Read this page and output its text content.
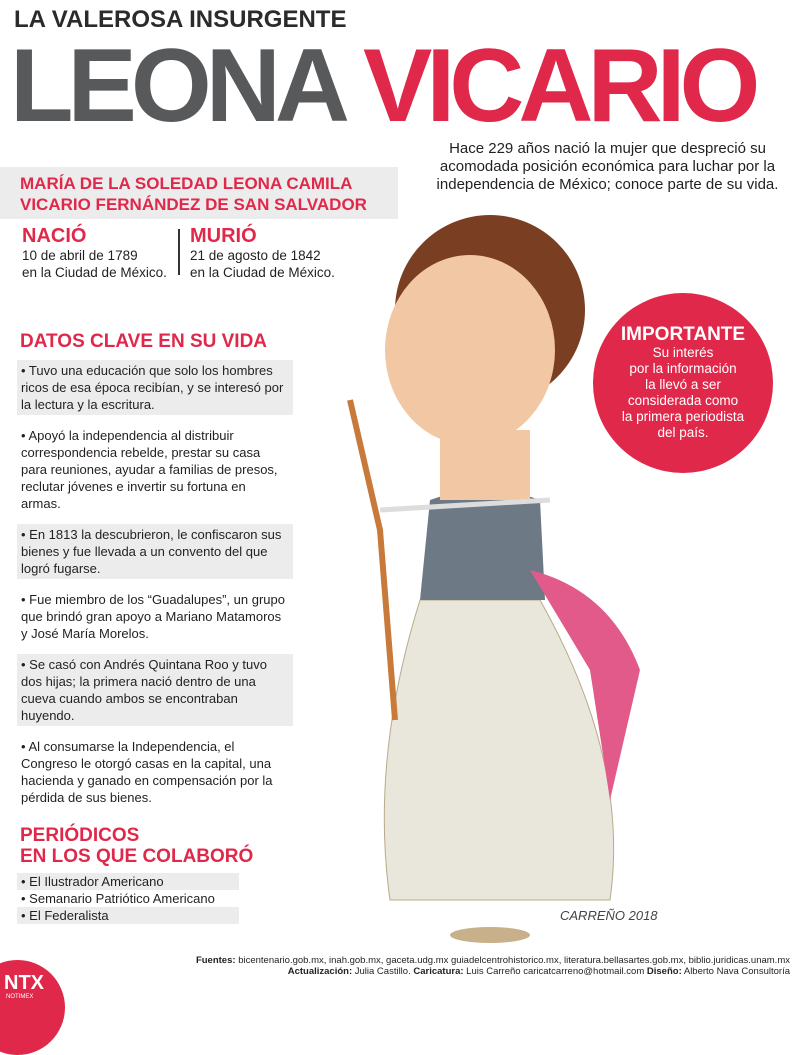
LA VALEROSA INSURGENTE
LEONA VICARIO
Hace 229 años nació la mujer que despreció su acomodada posición económica para luchar por la independencia de México; conoce parte de su vida.
MARÍA DE LA SOLEDAD LEONA CAMILA
VICARIO FERNÁNDEZ DE SAN SALVADOR
NACIÓ

10 de abril de 1789

en la Ciudad de México.

MURIÓ

21 de agosto de 1842

en la Ciudad de México.

DATOS CLAVE EN SU VIDA
• Tuvo una educación que solo los hombres ricos de esa época recibían, y se interesó por la lectura y la escritura.
• Apoyó la independencia al distribuir correspondencia rebelde, prestar su casa para reuniones, ayudar a familias de presos, reclutar jóvenes e invertir su fortuna en armas.
• En 1813 la descubrieron, le confiscaron sus bienes y fue llevada a un convento del que logró fugarse.
• Fue miembro de los “Guadalupes”, un grupo que brindó gran apoyo a Mariano Matamoros y José María Morelos.
• Se casó con Andrés Quintana Roo y tuvo dos hijas; la primera nació dentro de una cueva cuando ambos se encontraban huyendo.
• Al consumarse la Independencia, el Congreso le otorgó casas en la capital, una hacienda y ganado en compensación por la pérdida de sus bienes.
PERIÓDICOS
EN LOS QUE COLABORÓ
• El Ilustrador Americano
• Semanario Patriótico Americano
• El Federalista	CARREÑO 2018
IMPORTANTE

Su interés

por la información

la llevó a ser

considerada como

la primera periodista

del país.

Fuentes: bicentenario.gob.mx, inah.gob.mx, gaceta.udg.mx guiadelcentrohistorico.mx, literatura.bellasartes.gob.mx, biblio.juridicas.unam.mx
Actualización: Julia Castillo. Caricatura: Luis Carreño caricatcarreno@hotmail.com Diseño: Alberto Nava Consultoría
NTX
NOTIMEX
